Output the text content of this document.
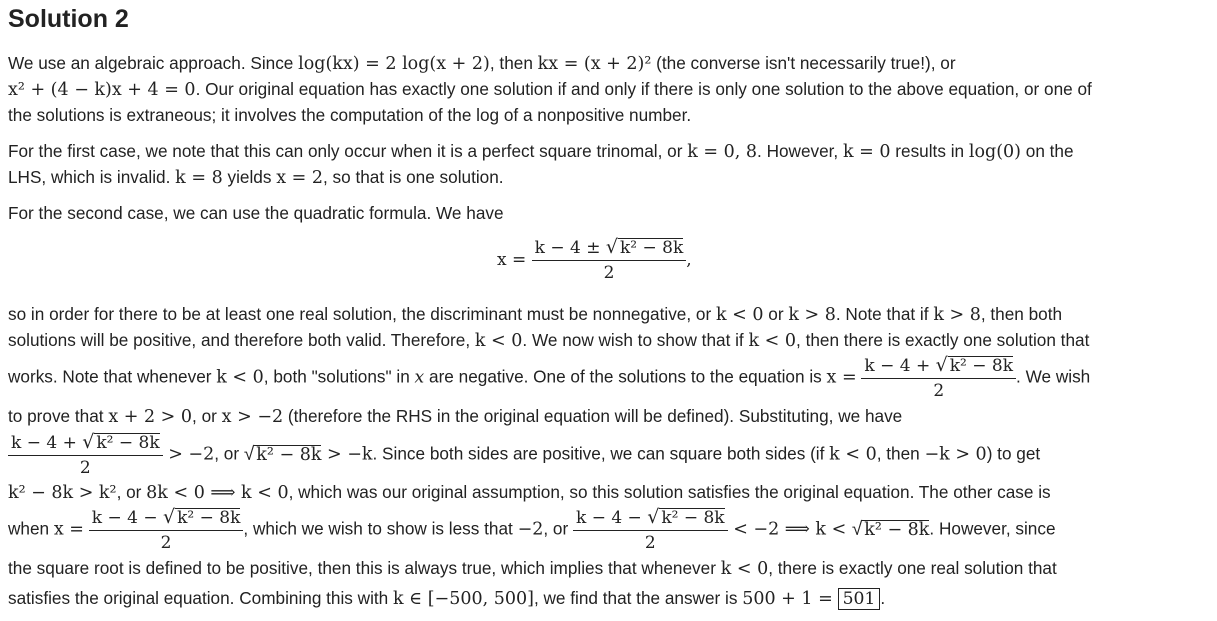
Solution 2
We use an algebraic approach. Since log(kx) = 2 log(x + 2), then kx = (x + 2)² (the converse isn't necessarily true!), or
x² + (4 − k)x + 4 = 0. Our original equation has exactly one solution if and only if there is only one solution to the above equation, or one of
the solutions is extraneous; it involves the computation of the log of a nonpositive number.
For the first case, we note that this can only occur when it is a perfect square trinomal, or k = 0, 8. However, k = 0 results in log(0) on the
LHS, which is invalid. k = 8 yields x = 2, so that is one solution.
For the second case, we can use the quadratic formula. We have
$x = \frac{\text{k − 4 ± √ k² − 8k}}{2}$ ,
so in order for there to be at least one real solution, the discriminant must be nonnegative, or k < 0 or k > 8. Note that if k > 8, then both
solutions will be positive, and therefore both valid. Therefore, k < 0. We now wish to show that if k < 0, then there is exactly one solution that
works. Note that whenever k < 0, both "solutions" in x are negative. One of the solutions to the equation is $x = \frac{\text{k − 4 + √ k² − 8k}}{2}$ . We wish
to prove that x + 2 > 0, or x > −2 (therefore the RHS in the original equation will be defined). Substituting, we have
$\frac{\text{k − 4 + √ k² − 8k}}{2} > -2$, or √ k² − 8k > −k. Since both sides are positive, we can square both sides (if k < 0, then −k > 0) to get
k² − 8k > k², or 8k < 0 ⟹ k < 0, which was our original assumption, so this solution satisfies the original equation. The other case is
when $x = \frac{\text{k − 4 − √ k² − 8k}}{2}$ , which we wish to show is less that −2, or $\frac{\text{k − 4 − √ k² − 8k}}{2} < -2$ ⟹ k < √ k² − 8k. However, since
the square root is defined to be positive, then this is always true, which implies that whenever k < 0, there is exactly one real solution that
satisfies the original equation. Combining this with k ∈ [−500, 500], we find that the answer is 500 + 1 = 501 .
